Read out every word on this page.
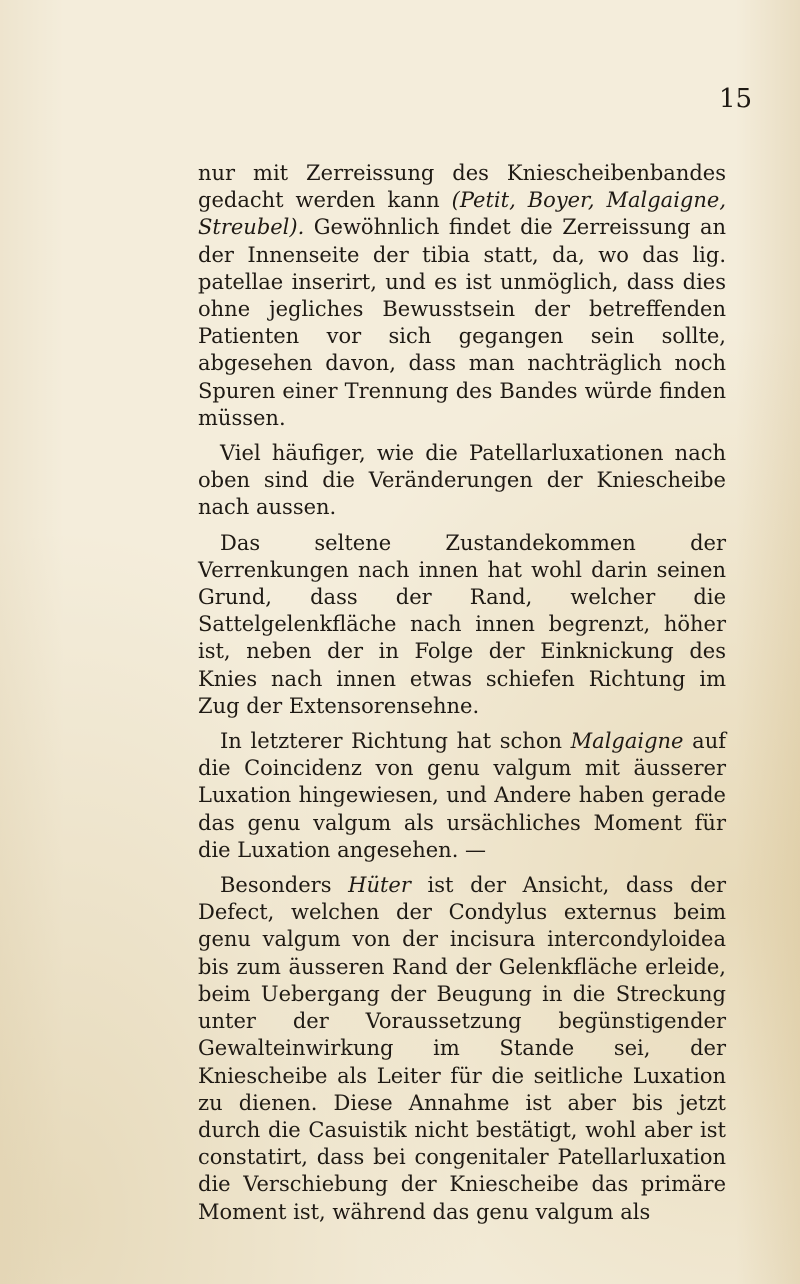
15

nur mit Zerreissung des Kniescheibenbandes gedacht werden kann (Petit, Boyer, Malgaigne, Streubel). Gewöhnlich findet die Zerreissung an der Innenseite der tibia statt, da, wo das lig. patellae inserirt, und es ist unmöglich, dass dies ohne jegliches Bewusstsein der betreffenden Patienten vor sich gegangen sein sollte, abgesehen davon, dass man nachträglich noch Spuren einer Trennung des Bandes würde finden müssen.

Viel häufiger, wie die Patellarluxationen nach oben sind die Veränderungen der Kniescheibe nach aussen.

Das seltene Zustandekommen der Verrenkungen nach innen hat wohl darin seinen Grund, dass der Rand, welcher die Sattelgelenkfläche nach innen begrenzt, höher ist, neben der in Folge der Einknickung des Knies nach innen etwas schiefen Richtung im Zug der Extensorensehne.

In letzterer Richtung hat schon Malgaigne auf die Coincidenz von genu valgum mit äusserer Luxation hingewiesen, und Andere haben gerade das genu valgum als ursächliches Moment für die Luxation angesehen. —

Besonders Hüter ist der Ansicht, dass der Defect, welchen der Condylus externus beim genu valgum von der incisura intercondyloidea bis zum äusseren Rand der Gelenkfläche erleide, beim Uebergang der Beugung in die Streckung unter der Voraussetzung begünstigender Gewalteinwirkung im Stande sei, der Kniescheibe als Leiter für die seitliche Luxation zu dienen. Diese Annahme ist aber bis jetzt durch die Casuistik nicht bestätigt, wohl aber ist constatirt, dass bei congenitaler Patellarluxation die Verschiebung der Kniescheibe das primäre Moment ist, während das genu valgum als
